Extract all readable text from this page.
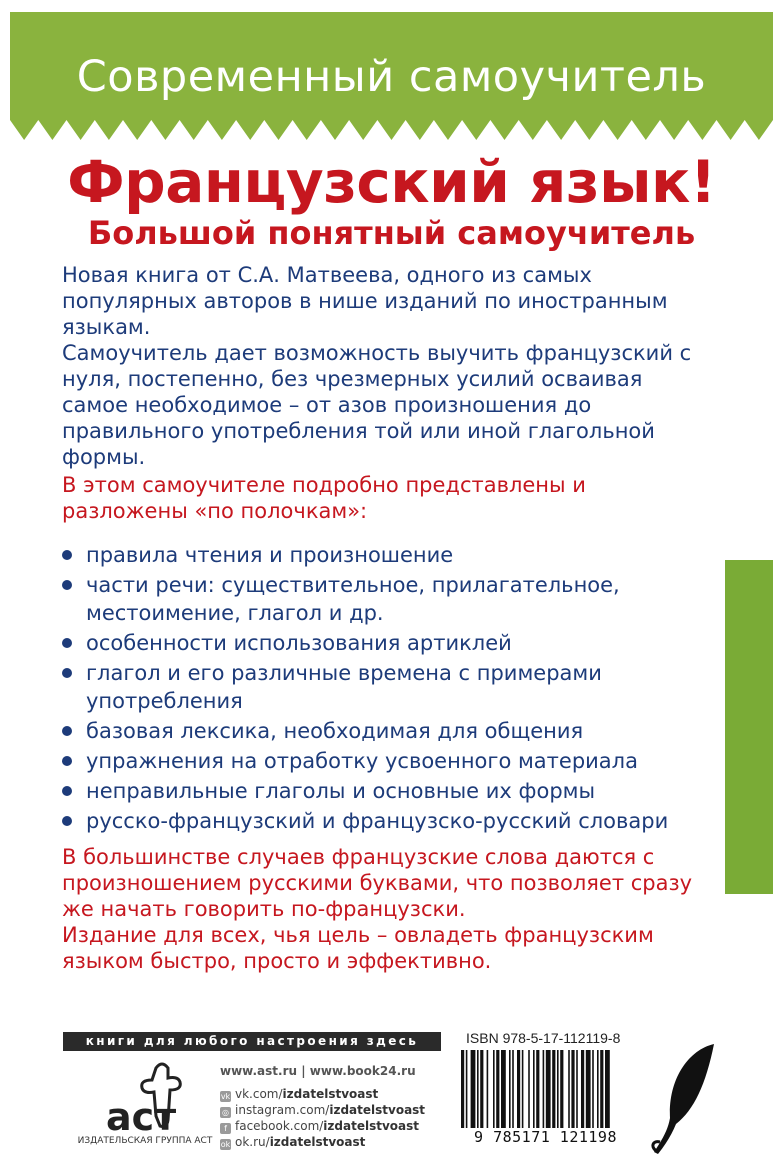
Современный самоучитель
Французский язык!
Большой понятный самоучитель

Новая книга от С.А. Матвеева, одного из самых популярных авторов в нише изданий по иностранным языкам.

Самоучитель дает возможность выучить французский с нуля, постепенно, без чрезмерных усилий осваивая самое необходимое – от азов произношения до правильного употребления той или иной глагольной формы.

В этом самоучителе подробно представлены и разложены «по полочкам»:

правила чтения и произношение
части речи: существительное, прилагательное, местоимение, глагол и др.
особенности использования артиклей
глагол и его различные времена с примерами употребления
базовая лексика, необходимая для общения
упражнения на отработку усвоенного материала
неправильные глаголы и основные их формы
русско-французский и французско-русский словари

В большинстве случаев французские слова даются с произношением русскими буквами, что позволяет сразу же начать говорить по-французски.

Издание для всех, чья цель – овладеть французским языком быстро, просто и эффективно.

книги для любого настроения здесь
аст
ИЗДАТЕЛЬСКАЯ ГРУППА АСТ
www.ast.ru | www.book24.ru
vk vk.com/izdatelstvoast
◎ instagram.com/izdatelstvoast
f facebook.com/izdatelstvoast
ok ok.ru/izdatelstvoast
ISBN 978-5-17-112119-8
9 785171 121198
